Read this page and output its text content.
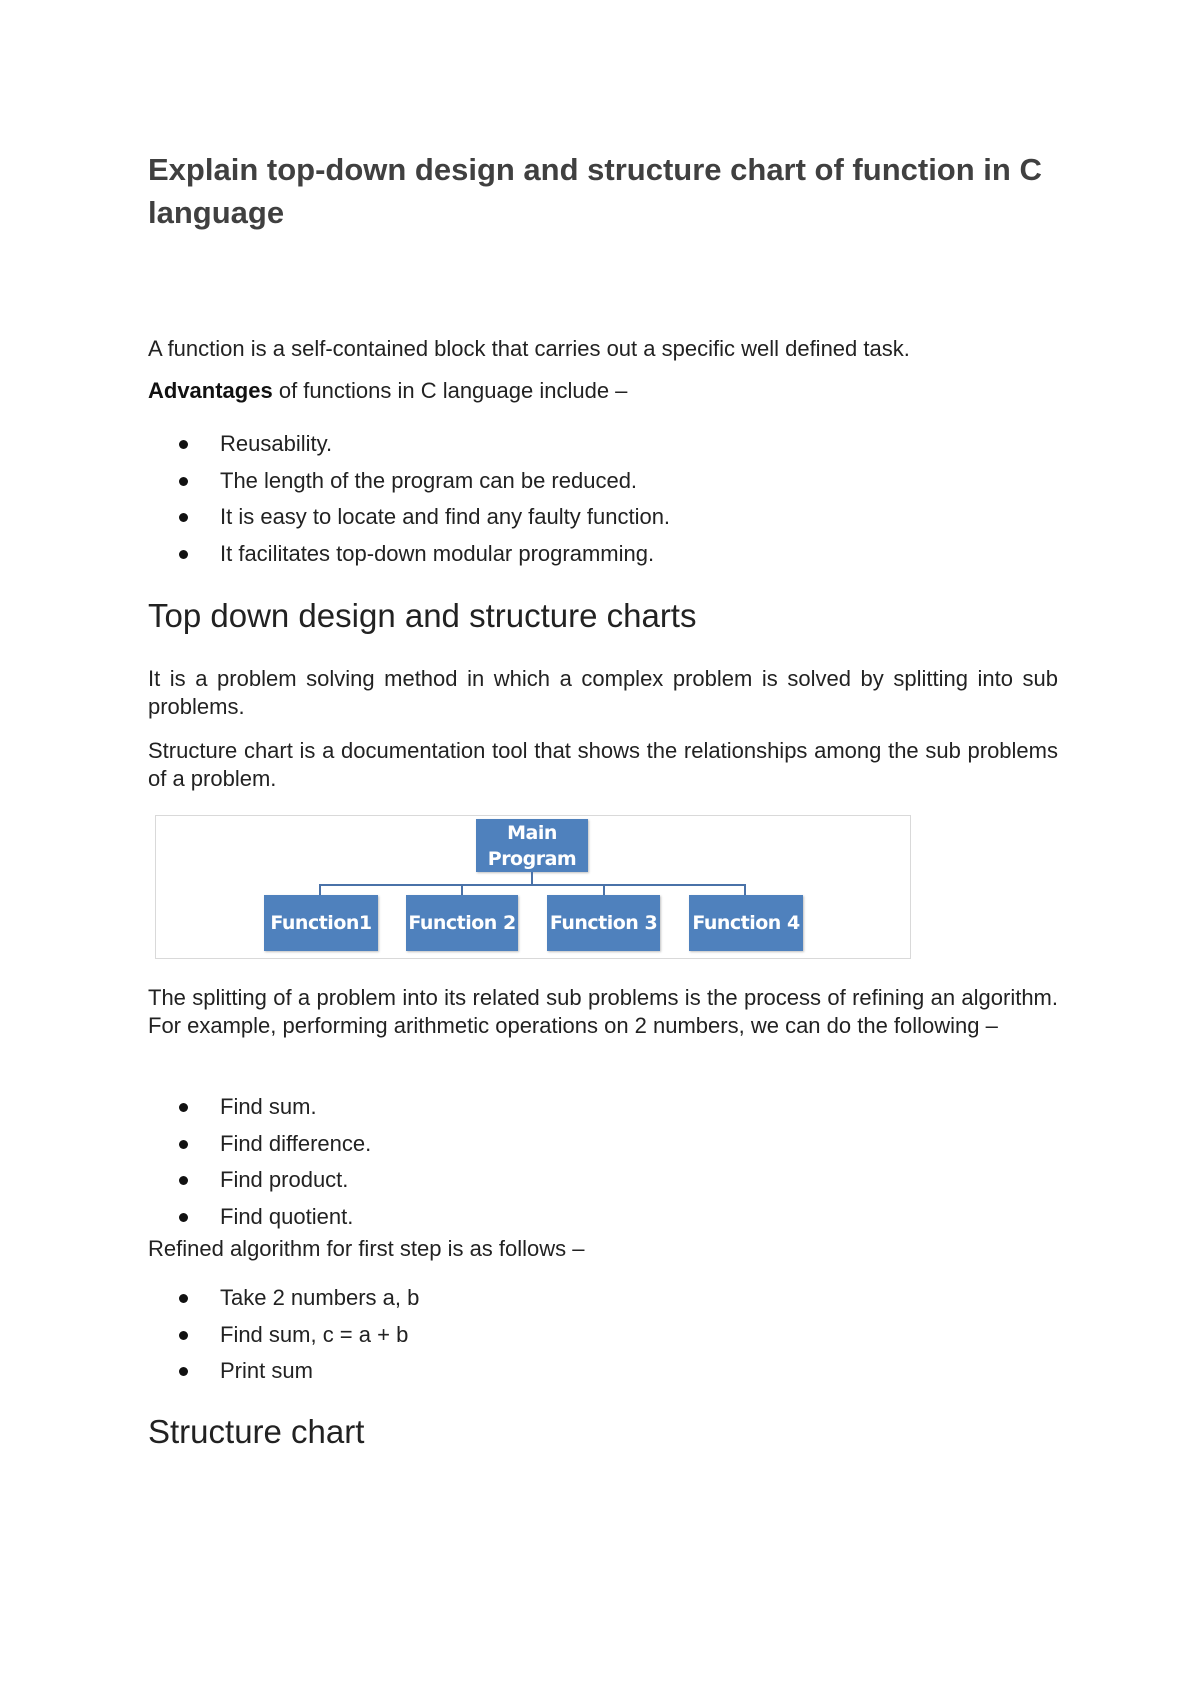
Explain top-down design and structure chart of function in C language

A function is a self-contained block that carries out a specific well defined task.

Advantages of functions in C language include –

Reusability.
The length of the program can be reduced.
It is easy to locate and find any faulty function.
It facilitates top-down modular programming.
Top down design and structure charts

It is a problem solving method in which a complex problem is solved by splitting into sub problems.

Structure chart is a documentation tool that shows the relationships among the sub problems of a problem.

Main Program
Function1	Function 2 Function 3 Function 4

The splitting of a problem into its related sub problems is the process of refining an algorithm. For example, performing arithmetic operations on 2 numbers, we can do the following –

Find sum.
Find difference.
Find product.
Find quotient.

Refined algorithm for first step is as follows –

Take 2 numbers a, b
Find sum, c = a + b
Print sum
Structure chart
